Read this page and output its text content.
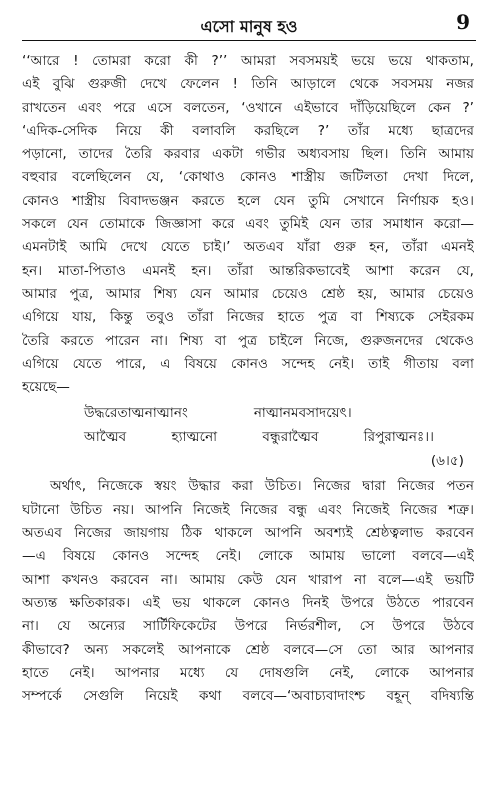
এসো মানুষ হও	9
‘‘আরে ! তোমরা করো কী ?’’ আমরা সবসময়ই ভয়ে ভয়ে থাকতাম,
এই বুঝি গুরুজী দেখে ফেলেন ! তিনি আড়ালে থেকে সবসময় নজর
রাখতেন এবং পরে এসে বলতেন, ‘ওখানে এইভাবে দাঁড়িয়েছিলে কেন ?’
‘এদিক-সেদিক নিয়ে কী বলাবলি করছিলে ?’ তাঁর মধ্যে ছাত্রদের
পড়ানো, তাদের তৈরি করবার একটা গভীর অধ্যবসায় ছিল। তিনি আমায়
বহুবার বলেছিলেন যে, ‘কোথাও কোনও শাস্ত্রীয় জটিলতা দেখা দিলে,
কোনও শাস্ত্রীয় বিবাদভঞ্জন করতে হলে যেন তুমি সেখানে নির্ণায়ক হও।
সকলে যেন তোমাকে জিজ্ঞাসা করে এবং তুমিই যেন তার সমাধান করো—
এমনটাই আমি দেখে যেতে চাই।’ অতএব যাঁরা গুরু হন, তাঁরা এমনই
হন। মাতা-পিতাও এমনই হন। তাঁরা আন্তরিকভাবেই আশা করেন যে,
আমার পুত্র, আমার শিষ্য যেন আমার চেয়েও শ্রেষ্ঠ হয়, আমার চেয়েও
এগিয়ে যায়, কিন্তু তবুও তাঁরা নিজের হাতে পুত্র বা শিষ্যকে সেইরকম
তৈরি করতে পারেন না। শিষ্য বা পুত্র চাইলে নিজে, গুরুজনদের থেকেও
এগিয়ে যেতে পারে, এ বিষয়ে কোনও সন্দেহ নেই। তাই গীতায় বলা
হয়েছে—
উদ্ধরেতাত্মনাত্মানং	নাত্মানমবসাদয়েৎ।
আত্মৈব	হ্যাত্মনো	বন্ধুরাত্মৈব	রিপুরাত্মনঃ।।
(৬।৫)
অর্থাৎ, নিজেকে স্বয়ং উদ্ধার করা উচিত। নিজের দ্বারা নিজের পতন
ঘটানো উচিত নয়। আপনি নিজেই নিজের বন্ধু এবং নিজেই নিজের শত্রু।
অতএব নিজের জায়গায় ঠিক থাকলে আপনি অবশ্যই শ্রেষ্ঠত্বলাভ করবেন
—এ বিষয়ে কোনও সন্দেহ নেই। লোকে আমায় ভালো বলবে—এই
আশা কখনও করবেন না। আমায় কেউ যেন খারাপ না বলে—এই ভয়টি
অত্যন্ত ক্ষতিকারক। এই ভয় থাকলে কোনও দিনই উপরে উঠতে পারবেন
না। যে অন্যের সার্টিফিকেটের উপরে নির্ভরশীল, সে উপরে উঠবে
কীভাবে? অন্য সকলেই আপনাকে শ্রেষ্ঠ বলবে—সে তো আর আপনার
হাতে নেই। আপনার মধ্যে যে দোষগুলি নেই, লোকে আপনার
সম্পর্কে সেগুলি নিয়েই কথা বলবে—‘অবাচ্যবাদাংশ্চ বহূন্ বদিষ্যন্তি
